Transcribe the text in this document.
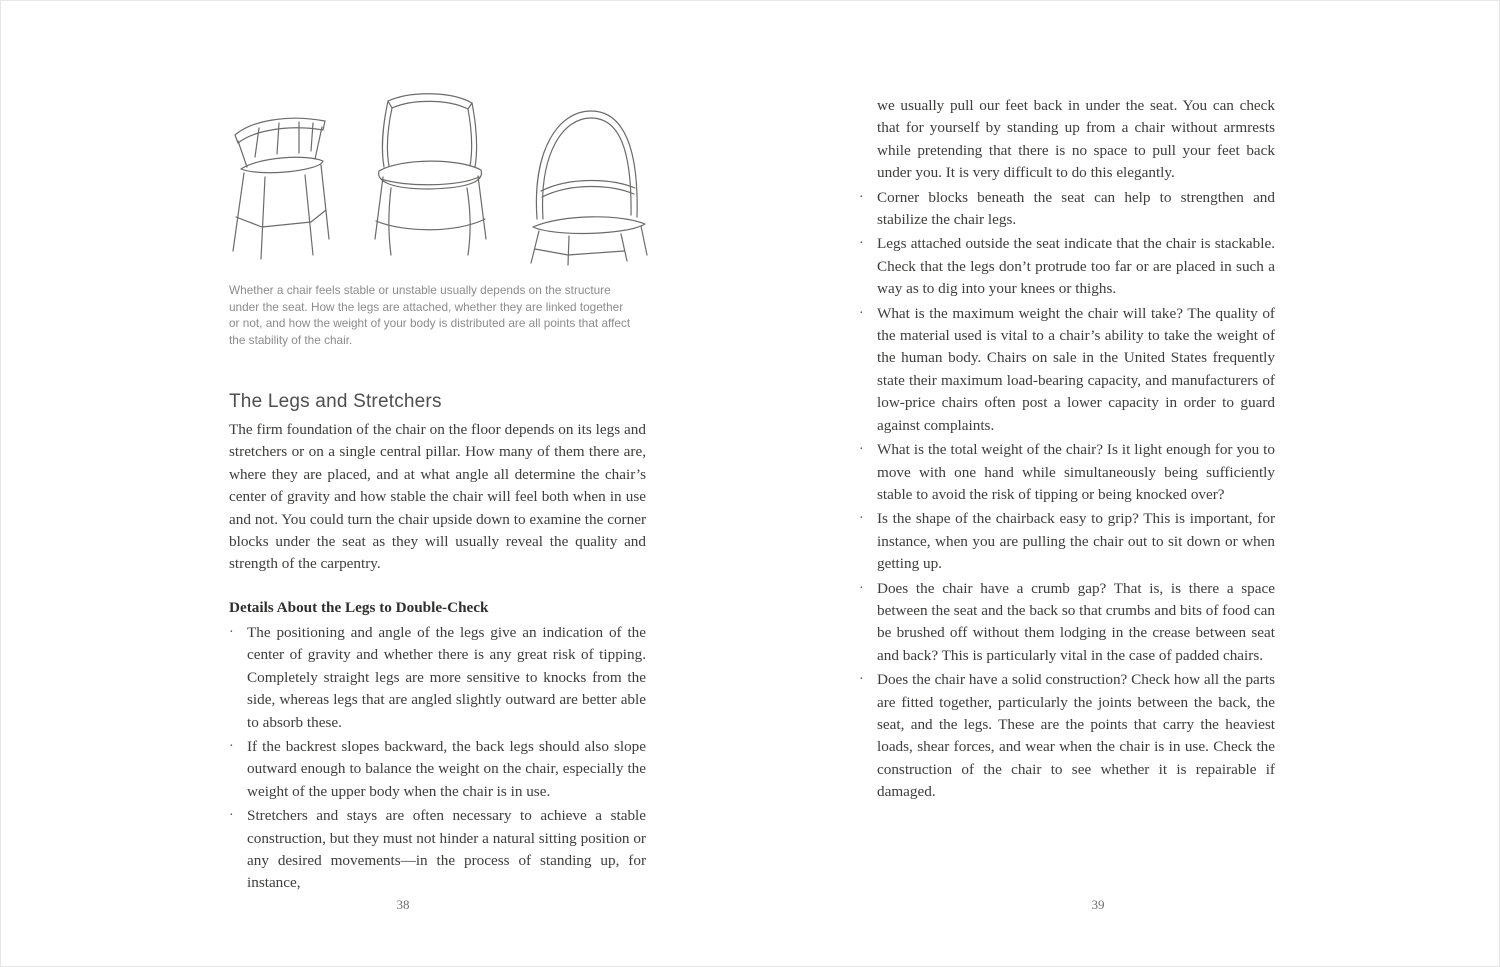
Whether a chair feels stable or unstable usually depends on the structure under the seat. How the legs are attached, whether they are linked together or not, and how the weight of your body is distributed are all points that affect the stability of the chair.
The Legs and Stretchers
The firm foundation of the chair on the floor depends on its legs and stretchers or on a single central pillar. How many of them there are, where they are placed, and at what angle all determine the chair’s center of gravity and how stable the chair will feel both when in use and not. You could turn the chair upside down to examine the corner blocks under the seat as they will usually reveal the quality and strength of the carpentry.
Details About the Legs to Double-Check
· The positioning and angle of the legs give an indication of the center of gravity and whether there is any great risk of tipping. Completely straight legs are more sensitive to knocks from the side, whereas legs that are angled slightly outward are better able to absorb these.
· If the backrest slopes backward, the back legs should also slope outward enough to balance the weight on the chair, especially the weight of the upper body when the chair is in use.
· Stretchers and stays are often necessary to achieve a stable construction, but they must not hinder a natural sitting position or any desired movements—in the process of standing up, for instance,
38
we usually pull our feet back in under the seat. You can check that for yourself by standing up from a chair without armrests while pretending that there is no space to pull your feet back under you. It is very difficult to do this elegantly.
· Corner blocks beneath the seat can help to strengthen and stabilize the chair legs.
· Legs attached outside the seat indicate that the chair is stackable. Check that the legs don’t protrude too far or are placed in such a way as to dig into your knees or thighs.
· What is the maximum weight the chair will take? The quality of the material used is vital to a chair’s ability to take the weight of the human body. Chairs on sale in the United States frequently state their maximum load-bearing capacity, and manufacturers of low-price chairs often post a lower capacity in order to guard against complaints.
· What is the total weight of the chair? Is it light enough for you to move with one hand while simultaneously being sufficiently stable to avoid the risk of tipping or being knocked over?
· Is the shape of the chairback easy to grip? This is important, for instance, when you are pulling the chair out to sit down or when getting up.
· Does the chair have a crumb gap? That is, is there a space between the seat and the back so that crumbs and bits of food can be brushed off without them lodging in the crease between seat and back? This is particularly vital in the case of padded chairs.
· Does the chair have a solid construction? Check how all the parts are fitted together, particularly the joints between the back, the seat, and the legs. These are the points that carry the heaviest loads, shear forces, and wear when the chair is in use. Check the construction of the chair to see whether it is repairable if damaged.
39
